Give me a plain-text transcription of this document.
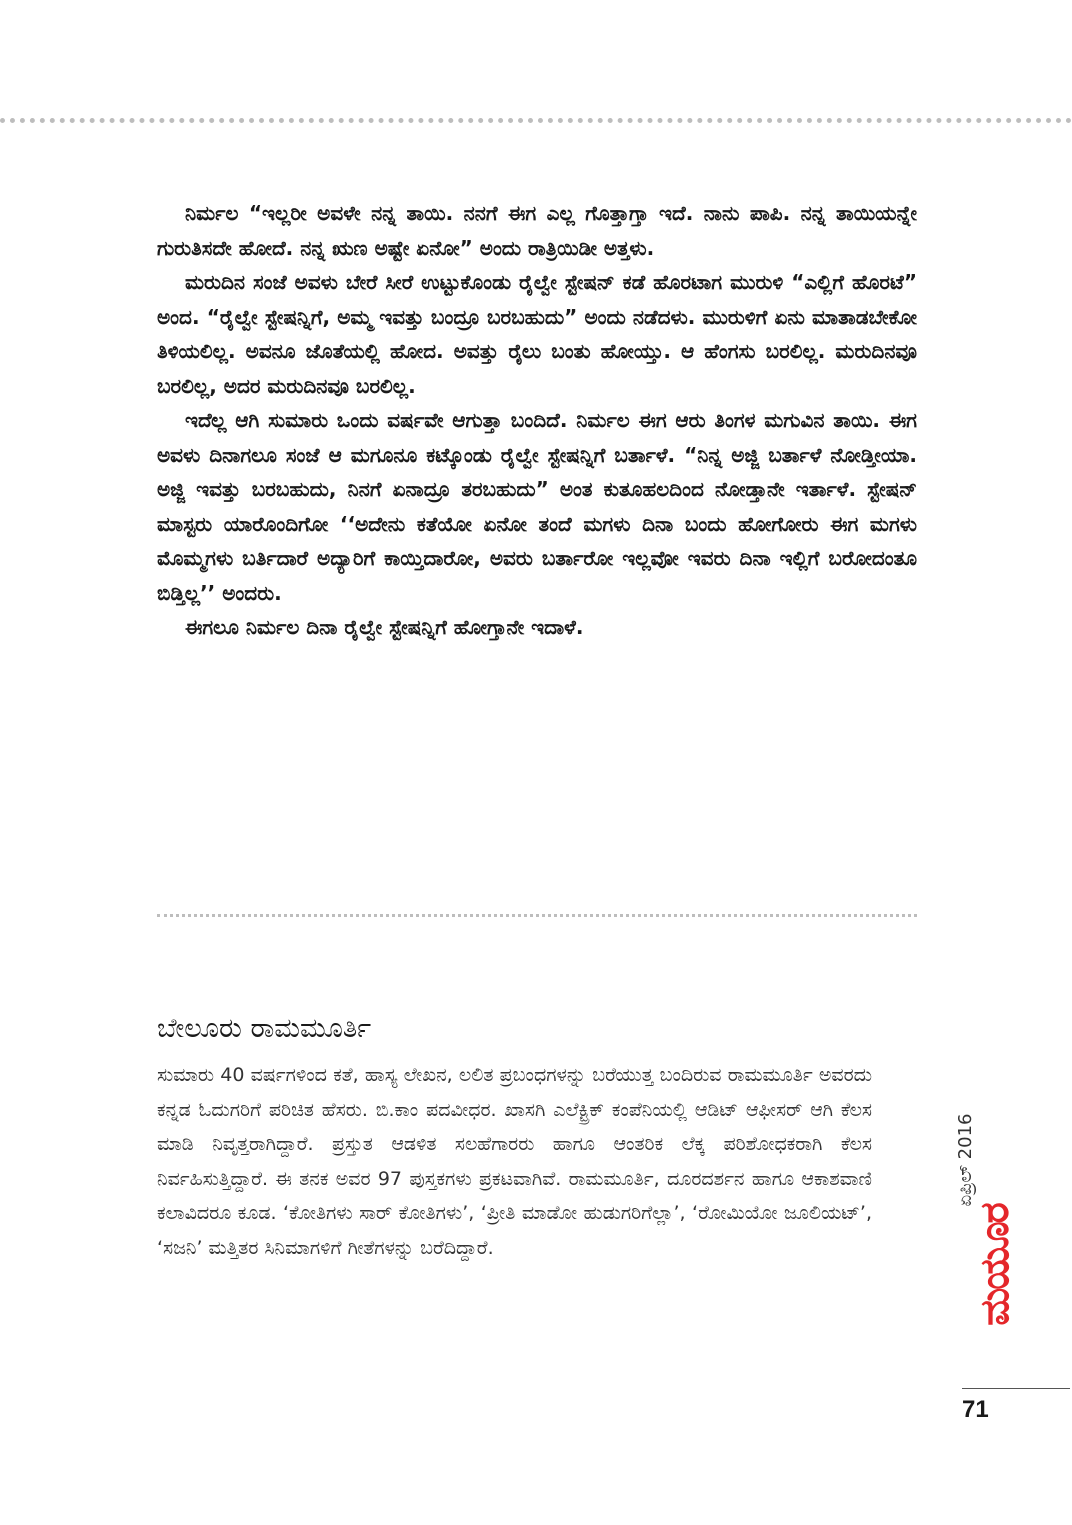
ನಿರ್ಮಲ “ಇಲ್ಲರೀ ಅವಳೇ ನನ್ನ ತಾಯಿ. ನನಗೆ ಈಗ ಎಲ್ಲ ಗೊತ್ತಾಗ್ತಾ ಇದೆ. ನಾನು ಪಾಪಿ. ನನ್ನ ತಾಯಿಯನ್ನೇ ಗುರುತಿಸದೇ ಹೋದೆ. ನನ್ನ ಋಣ ಅಷ್ಟೇ ಏನೋ” ಅಂದು ರಾತ್ರಿಯಿಡೀ ಅತ್ತಳು.

ಮರುದಿನ ಸಂಜೆ ಅವಳು ಬೇರೆ ಸೀರೆ ಉಟ್ಟುಕೊಂಡು ರೈಲ್ವೇ ಸ್ಟೇಷನ್ ಕಡೆ ಹೊರಟಾಗ ಮುರುಳಿ “ಎಲ್ಲಿಗೆ ಹೊರಟೆ” ಅಂದ. “ರೈಲ್ವೇ ಸ್ಟೇಷನ್ನಿಗೆ, ಅಮ್ಮ ಇವತ್ತು ಬಂದ್ರೂ ಬರಬಹುದು” ಅಂದು ನಡೆದಳು. ಮುರುಳಿಗೆ ಏನು ಮಾತಾಡಬೇಕೋ ತಿಳಿಯಲಿಲ್ಲ. ಅವನೂ ಜೊತೆಯಲ್ಲಿ ಹೋದ. ಅವತ್ತು ರೈಲು ಬಂತು ಹೋಯ್ತು. ಆ ಹೆಂಗಸು ಬರಲಿಲ್ಲ. ಮರುದಿನವೂ ಬರಲಿಲ್ಲ, ಅದರ ಮರುದಿನವೂ ಬರಲಿಲ್ಲ.

ಇದೆಲ್ಲ ಆಗಿ ಸುಮಾರು ಒಂದು ವರ್ಷವೇ ಆಗುತ್ತಾ ಬಂದಿದೆ. ನಿರ್ಮಲ ಈಗ ಆರು ತಿಂಗಳ ಮಗುವಿನ ತಾಯಿ. ಈಗ ಅವಳು ದಿನಾಗಲೂ ಸಂಜೆ ಆ ಮಗೂನೂ ಕಟ್ಕೊಂಡು ರೈಲ್ವೇ ಸ್ಟೇಷನ್ನಿಗೆ ಬರ್ತಾಳೆ. “ನಿನ್ನ ಅಜ್ಜಿ ಬರ್ತಾಳೆ ನೋಡ್ತೀಯಾ. ಅಜ್ಜಿ ಇವತ್ತು ಬರಬಹುದು, ನಿನಗೆ ಏನಾದ್ರೂ ತರಬಹುದು” ಅಂತ ಕುತೂಹಲದಿಂದ ನೋಡ್ತಾನೇ ಇರ್ತಾಳೆ. ಸ್ಟೇಷನ್ ಮಾಸ್ಟರು ಯಾರೊಂದಿಗೋ ‘‘ಅದೇನು ಕತೆಯೋ ಏನೋ ತಂದೆ ಮಗಳು ದಿನಾ ಬಂದು ಹೋಗೋರು ಈಗ ಮಗಳು ಮೊಮ್ಮಗಳು ಬರ್ತಿದಾರೆ ಅದ್ಯಾರಿಗೆ ಕಾಯ್ತಿದಾರೋ, ಅವರು ಬರ್ತಾರೋ ಇಲ್ಲವೋ ಇವರು ದಿನಾ ಇಲ್ಲಿಗೆ ಬರೋದಂತೂ ಬಿಡ್ತಿಲ್ಲ’’ ಅಂದರು.

ಈಗಲೂ ನಿರ್ಮಲ ದಿನಾ ರೈಲ್ವೇ ಸ್ಟೇಷನ್ನಿಗೆ ಹೋಗ್ತಾನೇ ಇದಾಳೆ.

ಬೇಲೂರು ರಾಮಮೂರ್ತಿ

ಸುಮಾರು 40 ವರ್ಷಗಳಿಂದ ಕತೆ, ಹಾಸ್ಯ ಲೇಖನ, ಲಲಿತ ಪ್ರಬಂಧಗಳನ್ನು ಬರೆಯುತ್ತ ಬಂದಿರುವ ರಾಮಮೂರ್ತಿ ಅವರದು ಕನ್ನಡ ಓದುಗರಿಗೆ ಪರಿಚಿತ ಹೆಸರು. ಬಿ.ಕಾಂ ಪದವೀಧರ. ಖಾಸಗಿ ಎಲೆಕ್ಟ್ರಿಕ್ ಕಂಪೆನಿಯಲ್ಲಿ ಆಡಿಟ್ ಆಫೀಸರ್ ಆಗಿ ಕೆಲಸ ಮಾಡಿ ನಿವೃತ್ತರಾಗಿದ್ದಾರೆ. ಪ್ರಸ್ತುತ ಆಡಳಿತ ಸಲಹೆಗಾರರು ಹಾಗೂ ಆಂತರಿಕ ಲೆಕ್ಕ ಪರಿಶೋಧಕರಾಗಿ ಕೆಲಸ ನಿರ್ವಹಿಸುತ್ತಿದ್ದಾರೆ. ಈ ತನಕ ಅವರ 97 ಪುಸ್ತಕಗಳು ಪ್ರಕಟವಾಗಿವೆ. ರಾಮಮೂರ್ತಿ, ದೂರದರ್ಶನ ಹಾಗೂ ಆಕಾಶವಾಣಿ ಕಲಾವಿದರೂ ಕೂಡ. ‘ಕೋತಿಗಳು ಸಾರ್ ಕೋತಿಗಳು’, ‘ಪ್ರೀತಿ ಮಾಡೋ ಹುಡುಗರಿಗೆಲ್ಲಾ’, ‘ರೋಮಿಯೋ ಜೂಲಿಯಟ್’, ‘ಸಜನಿ’ ಮತ್ತಿತರ ಸಿನಿಮಾಗಳಿಗೆ ಗೀತೆಗಳನ್ನು ಬರೆದಿದ್ದಾರೆ.

ಏಪ್ರಿಲ್ 2016
ಮಯೂರ
71
